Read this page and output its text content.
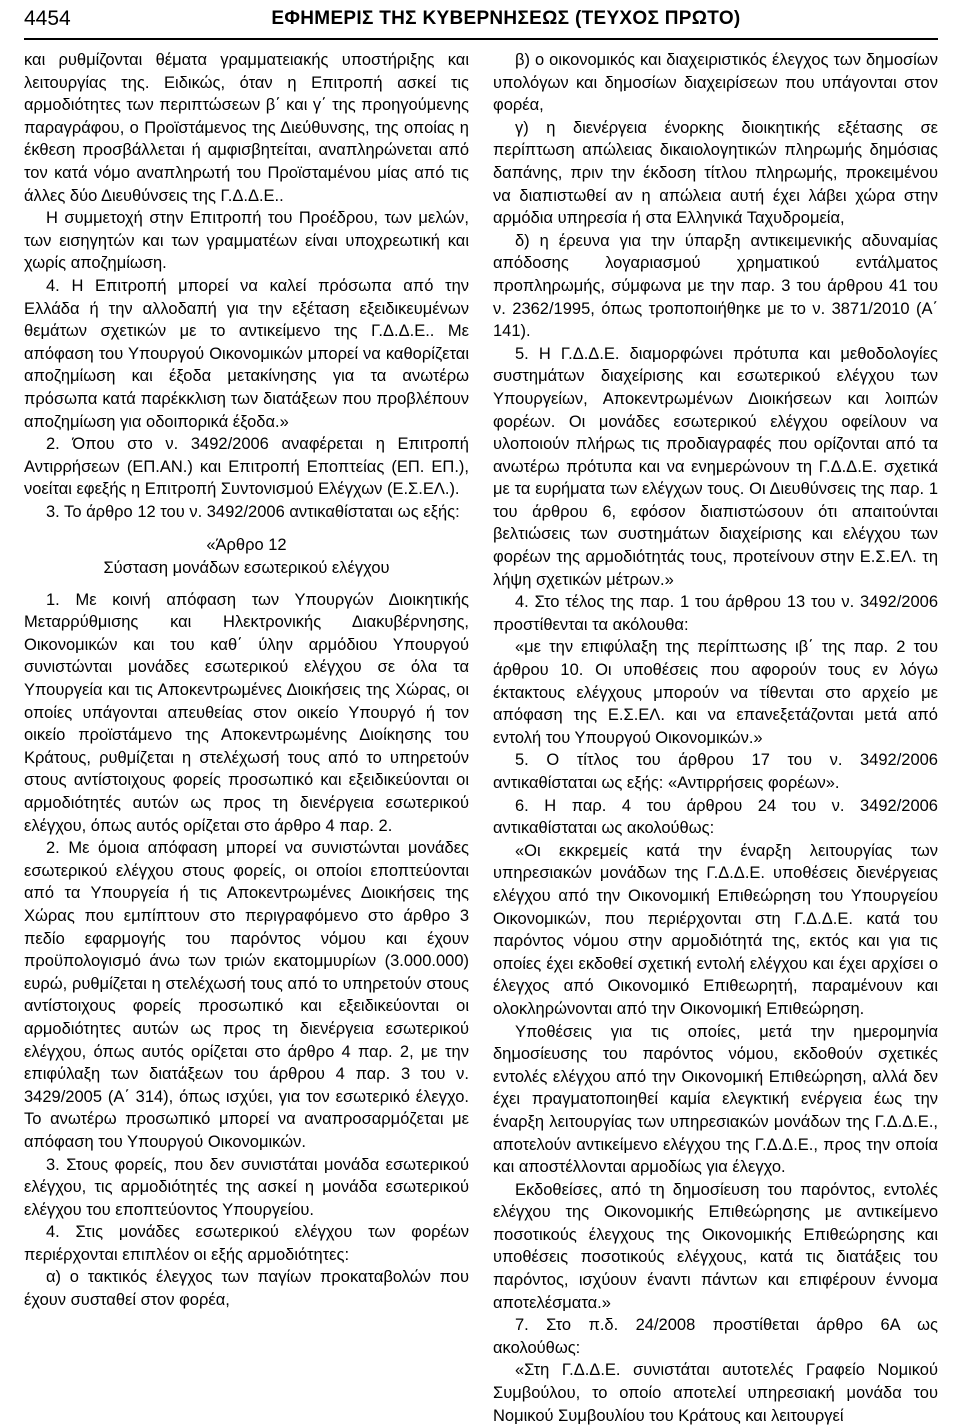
4454	ΕΦΗΜΕΡΙΣ ΤΗΣ ΚΥΒΕΡΝΗΣΕΩΣ (ΤΕΥΧΟΣ ΠΡΩΤΟ)

και ρυθμίζονται θέματα γραμματειακής υποστήριξης και λειτουργίας της. Ειδικώς, όταν η Επιτροπή ασκεί τις αρμοδιότητες των περιπτώσεων β΄ και γ΄ της προηγούμενης παραγράφου, ο Προϊστάμενος της Διεύθυνσης, της οποίας η έκθεση προσβάλλεται ή αμφισβητείται, αναπληρώνεται από τον κατά νόμο αναπληρωτή του Προϊσταμένου μίας από τις άλλες δύο Διευθύνσεις της Γ.Δ.Δ.Ε..

Η συμμετοχή στην Επιτροπή του Προέδρου, των μελών, των εισηγητών και των γραμματέων είναι υποχρεωτική και χωρίς αποζημίωση.

4. Η Επιτροπή μπορεί να καλεί πρόσωπα από την Ελλάδα ή την αλλοδαπή για την εξέταση εξειδικευμένων θεμάτων σχετικών με το αντικείμενο της Γ.Δ.Δ.Ε.. Με απόφαση του Υπουργού Οικονομικών μπορεί να καθορίζεται αποζημίωση και έξοδα μετακίνησης για τα ανωτέρω πρόσωπα κατά παρέκκλιση των διατάξεων που προβλέπουν αποζημίωση για οδοιπορικά έξοδα.»

2. Όπου στο ν. 3492/2006 αναφέρεται η Επιτροπή Αντιρρήσεων (ΕΠ.ΑΝ.) και Επιτροπή Εποπτείας (ΕΠ. ΕΠ.), νοείται εφεξής η Επιτροπή Συντονισμού Ελέγχων (Ε.Σ.ΕΛ.).

3. Το άρθρο 12 του ν. 3492/2006 αντικαθίσταται ως εξής:

«Άρθρο 12

Σύσταση μονάδων εσωτερικού ελέγχου

1. Με κοινή απόφαση των Υπουργών Διοικητικής Μεταρρύθμισης και Ηλεκτρονικής Διακυβέρνησης, Οικονομικών και του καθ΄ ύλην αρμόδιου Υπουργού συνιστώνται μονάδες εσωτερικού ελέγχου σε όλα τα Υπουργεία και τις Αποκεντρωμένες Διοικήσεις της Χώρας, οι οποίες υπάγονται απευθείας στον οικείο Υπουργό ή τον οικείο προϊστάμενο της Αποκεντρωμένης Διοίκησης του Κράτους, ρυθμίζεται η στελέχωσή τους από το υπηρετούν στους αντίστοιχους φορείς προσωπικό και εξειδικεύονται οι αρμοδιότητές αυτών ως προς τη διενέργεια εσωτερικού ελέγχου, όπως αυτός ορίζεται στο άρθρο 4 παρ. 2.

2. Με όμοια απόφαση μπορεί να συνιστώνται μονάδες εσωτερικού ελέγχου στους φορείς, οι οποίοι εποπτεύονται από τα Υπουργεία ή τις Αποκεντρωμένες Διοικήσεις της Χώρας που εμπίπτουν στο περιγραφόμενο στο άρθρο 3 πεδίο εφαρμογής του παρόντος νόμου και έχουν προϋπολογισμό άνω των τριών εκατομμυρίων (3.000.000) ευρώ, ρυθμίζεται η στελέχωσή τους από το υπηρετούν στους αντίστοιχους φορείς προσωπικό και εξειδικεύονται οι αρμοδιότητες αυτών ως προς τη διενέργεια εσωτερικού ελέγχου, όπως αυτός ορίζεται στο άρθρο 4 παρ. 2, με την επιφύλαξη των διατάξεων του άρθρου 4 παρ. 3 του ν. 3429/2005 (Α΄ 314), όπως ισχύει, για τον εσωτερικό έλεγχο. Το ανωτέρω προσωπικό μπορεί να αναπροσαρμόζεται με απόφαση του Υπουργού Οικονομικών.

3. Στους φορείς, που δεν συνιστάται μονάδα εσωτερικού ελέγχου, τις αρμοδιότητές της ασκεί η μονάδα εσωτερικού ελέγχου του εποπτεύοντος Υπουργείου.

4. Στις μονάδες εσωτερικού ελέγχου των φορέων περιέρχονται επιπλέον οι εξής αρμοδιότητες:

α) ο τακτικός έλεγχος των παγίων προκαταβολών που έχουν συσταθεί στον φορέα,

β) ο οικονομικός και διαχειριστικός έλεγχος των δημοσίων υπολόγων και δημοσίων διαχειρίσεων που υπάγονται στον φορέα,

γ) η διενέργεια ένορκης διοικητικής εξέτασης σε περίπτωση απώλειας δικαιολογητικών πληρωμής δημόσιας δαπάνης, πριν την έκδοση τίτλου πληρωμής, προκειμένου να διαπιστωθεί αν η απώλεια αυτή έχει λάβει χώρα στην αρμόδια υπηρεσία ή στα Ελληνικά Ταχυδρομεία,

δ) η έρευνα για την ύπαρξη αντικειμενικής αδυναμίας απόδοσης λογαριασμού χρηματικού εντάλματος προπληρωμής, σύμφωνα με την παρ. 3 του άρθρου 41 του ν. 2362/1995, όπως τροποποιήθηκε με το ν. 3871/2010 (Α΄ 141).

5. Η Γ.Δ.Δ.Ε. διαμορφώνει πρότυπα και μεθοδολογίες συστημάτων διαχείρισης και εσωτερικού ελέγχου των Υπουργείων, Αποκεντρωμένων Διοικήσεων και λοιπών φορέων. Οι μονάδες εσωτερικού ελέγχου οφείλουν να υλοποιούν πλήρως τις προδιαγραφές που ορίζονται από τα ανωτέρω πρότυπα και να ενημερώνουν τη Γ.Δ.Δ.Ε. σχετικά με τα ευρήματα των ελέγχων τους. Οι Διευθύνσεις της παρ. 1 του άρθρου 6, εφόσον διαπιστώσουν ότι απαιτούνται βελτιώσεις των συστημάτων διαχείρισης και ελέγχου των φορέων της αρμοδιότητάς τους, προτείνουν στην Ε.Σ.ΕΛ. τη λήψη σχετικών μέτρων.»

4. Στο τέλος της παρ. 1 του άρθρου 13 του ν. 3492/2006 προστίθενται τα ακόλουθα:

«με την επιφύλαξη της περίπτωσης ιβ΄ της παρ. 2 του άρθρου 10. Οι υποθέσεις που αφορούν τους εν λόγω έκτακτους ελέγχους μπορούν να τίθενται στο αρχείο με απόφαση της Ε.Σ.ΕΛ. και να επανεξετάζονται μετά από εντολή του Υπουργού Οικονομικών.»

5. Ο τίτλος του άρθρου 17 του ν. 3492/2006 αντικαθίσταται ως εξής: «Αντιρρήσεις φορέων».

6. Η παρ. 4 του άρθρου 24 του ν. 3492/2006 αντικαθίσταται ως ακολούθως:

«Οι εκκρεμείς κατά την έναρξη λειτουργίας των υπηρεσιακών μονάδων της Γ.Δ.Δ.Ε. υποθέσεις διενέργειας ελέγχου από την Οικονομική Επιθεώρηση του Υπουργείου Οικονομικών, που περιέρχονται στη Γ.Δ.Δ.Ε. κατά του παρόντος νόμου στην αρμοδιότητά της, εκτός και για τις οποίες έχει εκδοθεί σχετική εντολή ελέγχου και έχει αρχίσει ο έλεγχος από Οικονομικό Επιθεωρητή, παραμένουν και ολοκληρώνονται από την Οικονομική Επιθεώρηση.

Υποθέσεις για τις οποίες, μετά την ημερομηνία δημοσίευσης του παρόντος νόμου, εκδοθούν σχετικές εντολές ελέγχου από την Οικονομική Επιθεώρηση, αλλά δεν έχει πραγματοποιηθεί καμία ελεγκτική ενέργεια έως την έναρξη λειτουργίας των υπηρεσιακών μονάδων της Γ.Δ.Δ.Ε., αποτελούν αντικείμενο ελέγχου της Γ.Δ.Δ.Ε., προς την οποία και αποστέλλονται αρμοδίως για έλεγχο.

Εκδοθείσες, από τη δημοσίευση του παρόντος, εντολές ελέγχου της Οικονομικής Επιθεώρησης με αντικείμενο ποσοτικούς έλεγχους της Οικονομικής Επιθεώρησης και υποθέσεις ποσοτικούς ελέγχους, κατά τις διατάξεις του παρόντος, ισχύουν έναντι πάντων και επιφέρουν έννομα αποτελέσματα.»

7. Στο π.δ. 24/2008 προστίθεται άρθρο 6Α ως ακολούθως:

«Στη Γ.Δ.Δ.Ε. συνιστάται αυτοτελές Γραφείο Νομικού Συμβούλου, το οποίο αποτελεί υπηρεσιακή μονάδα του Νομικού Συμβουλίου του Κράτους και λειτουργεί
